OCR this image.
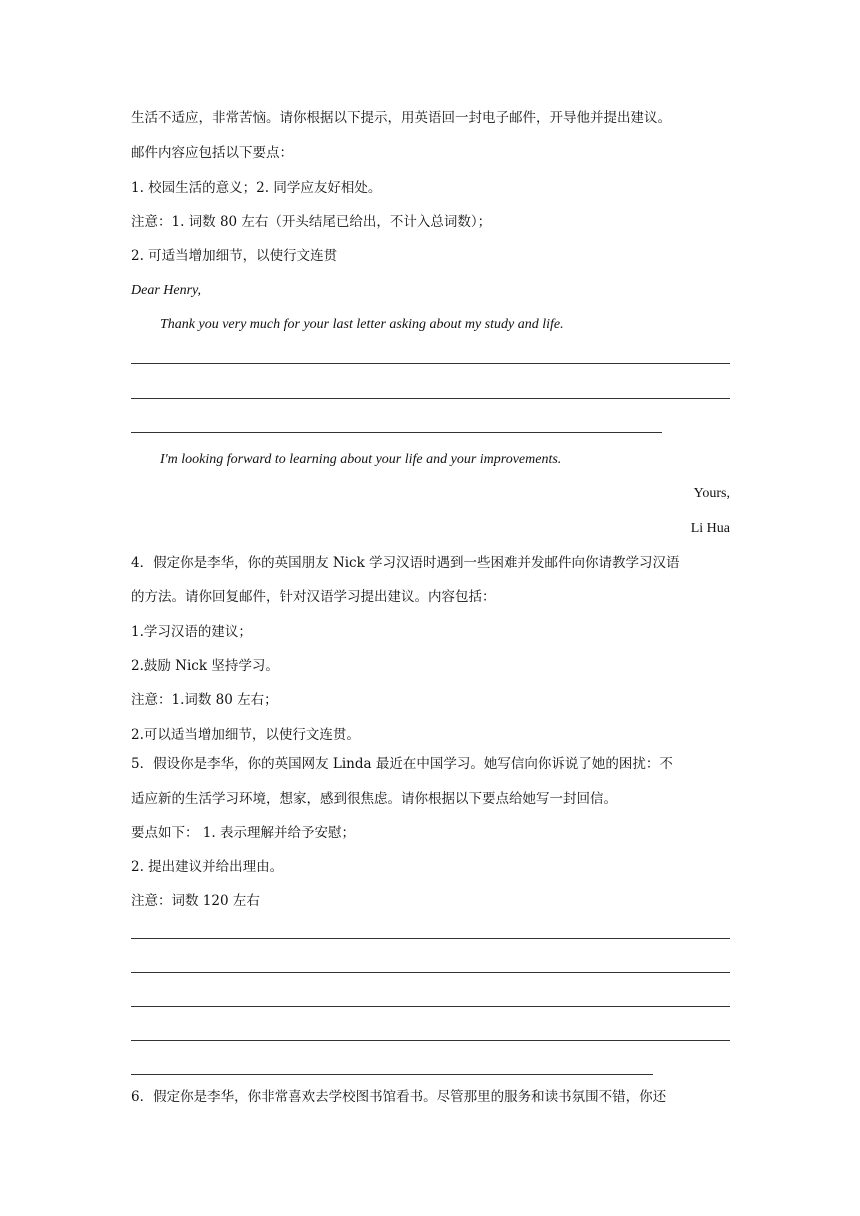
生活不适应，非常苦恼。请你根据以下提示，用英语回一封电子邮件，开导他并提出建议。
邮件内容应包括以下要点：
1. 校园生活的意义；2. 同学应友好相处。
注意：1. 词数 80 左右（开头结尾已给出，不计入总词数）；
2. 可适当增加细节，以使行文连贯
Dear Henry,
Thank you very much for your last letter asking about my study and life.
I'm looking forward to learning about your life and your improvements.
Yours,
Li Hua
4．假定你是李华，你的英国朋友 Nick 学习汉语时遇到一些困难并发邮件向你请教学习汉语
的方法。请你回复邮件，针对汉语学习提出建议。内容包括：
1.学习汉语的建议；
2.鼓励 Nick 坚持学习。
注意：1.词数 80 左右；
2.可以适当增加细节，以使行文连贯。
5．假设你是李华，你的英国网友 Linda 最近在中国学习。她写信向你诉说了她的困扰：不
适应新的生活学习环境，想家，感到很焦虑。请你根据以下要点给她写一封回信。
要点如下： 1. 表示理解并给予安慰；
2. 提出建议并给出理由。
注意：词数 120 左右
6．假定你是李华，你非常喜欢去学校图书馆看书。尽管那里的服务和读书氛围不错，你还
